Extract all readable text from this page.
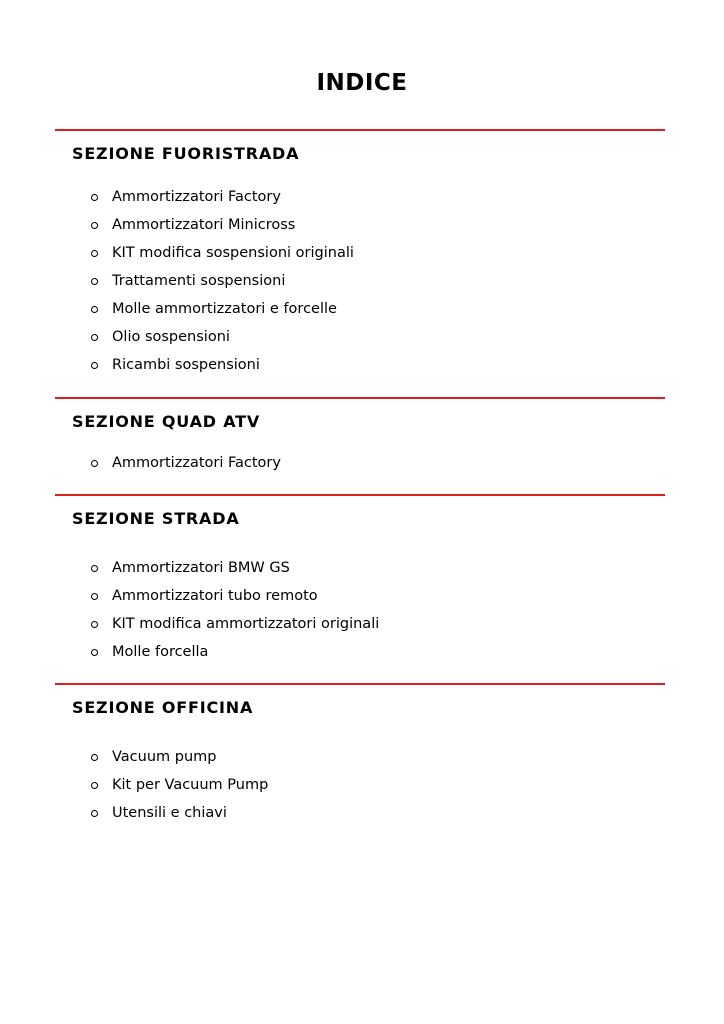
INDICE
SEZIONE FUORISTRADA
Ammortizzatori Factory
Ammortizzatori Minicross
KIT modifica sospensioni originali
Trattamenti sospensioni
Molle ammortizzatori e forcelle
Olio sospensioni
Ricambi sospensioni
SEZIONE QUAD ATV
Ammortizzatori Factory
SEZIONE STRADA
Ammortizzatori BMW GS
Ammortizzatori tubo remoto
KIT modifica ammortizzatori originali
Molle forcella
SEZIONE OFFICINA
Vacuum pump
Kit per Vacuum Pump
Utensili e chiavi
